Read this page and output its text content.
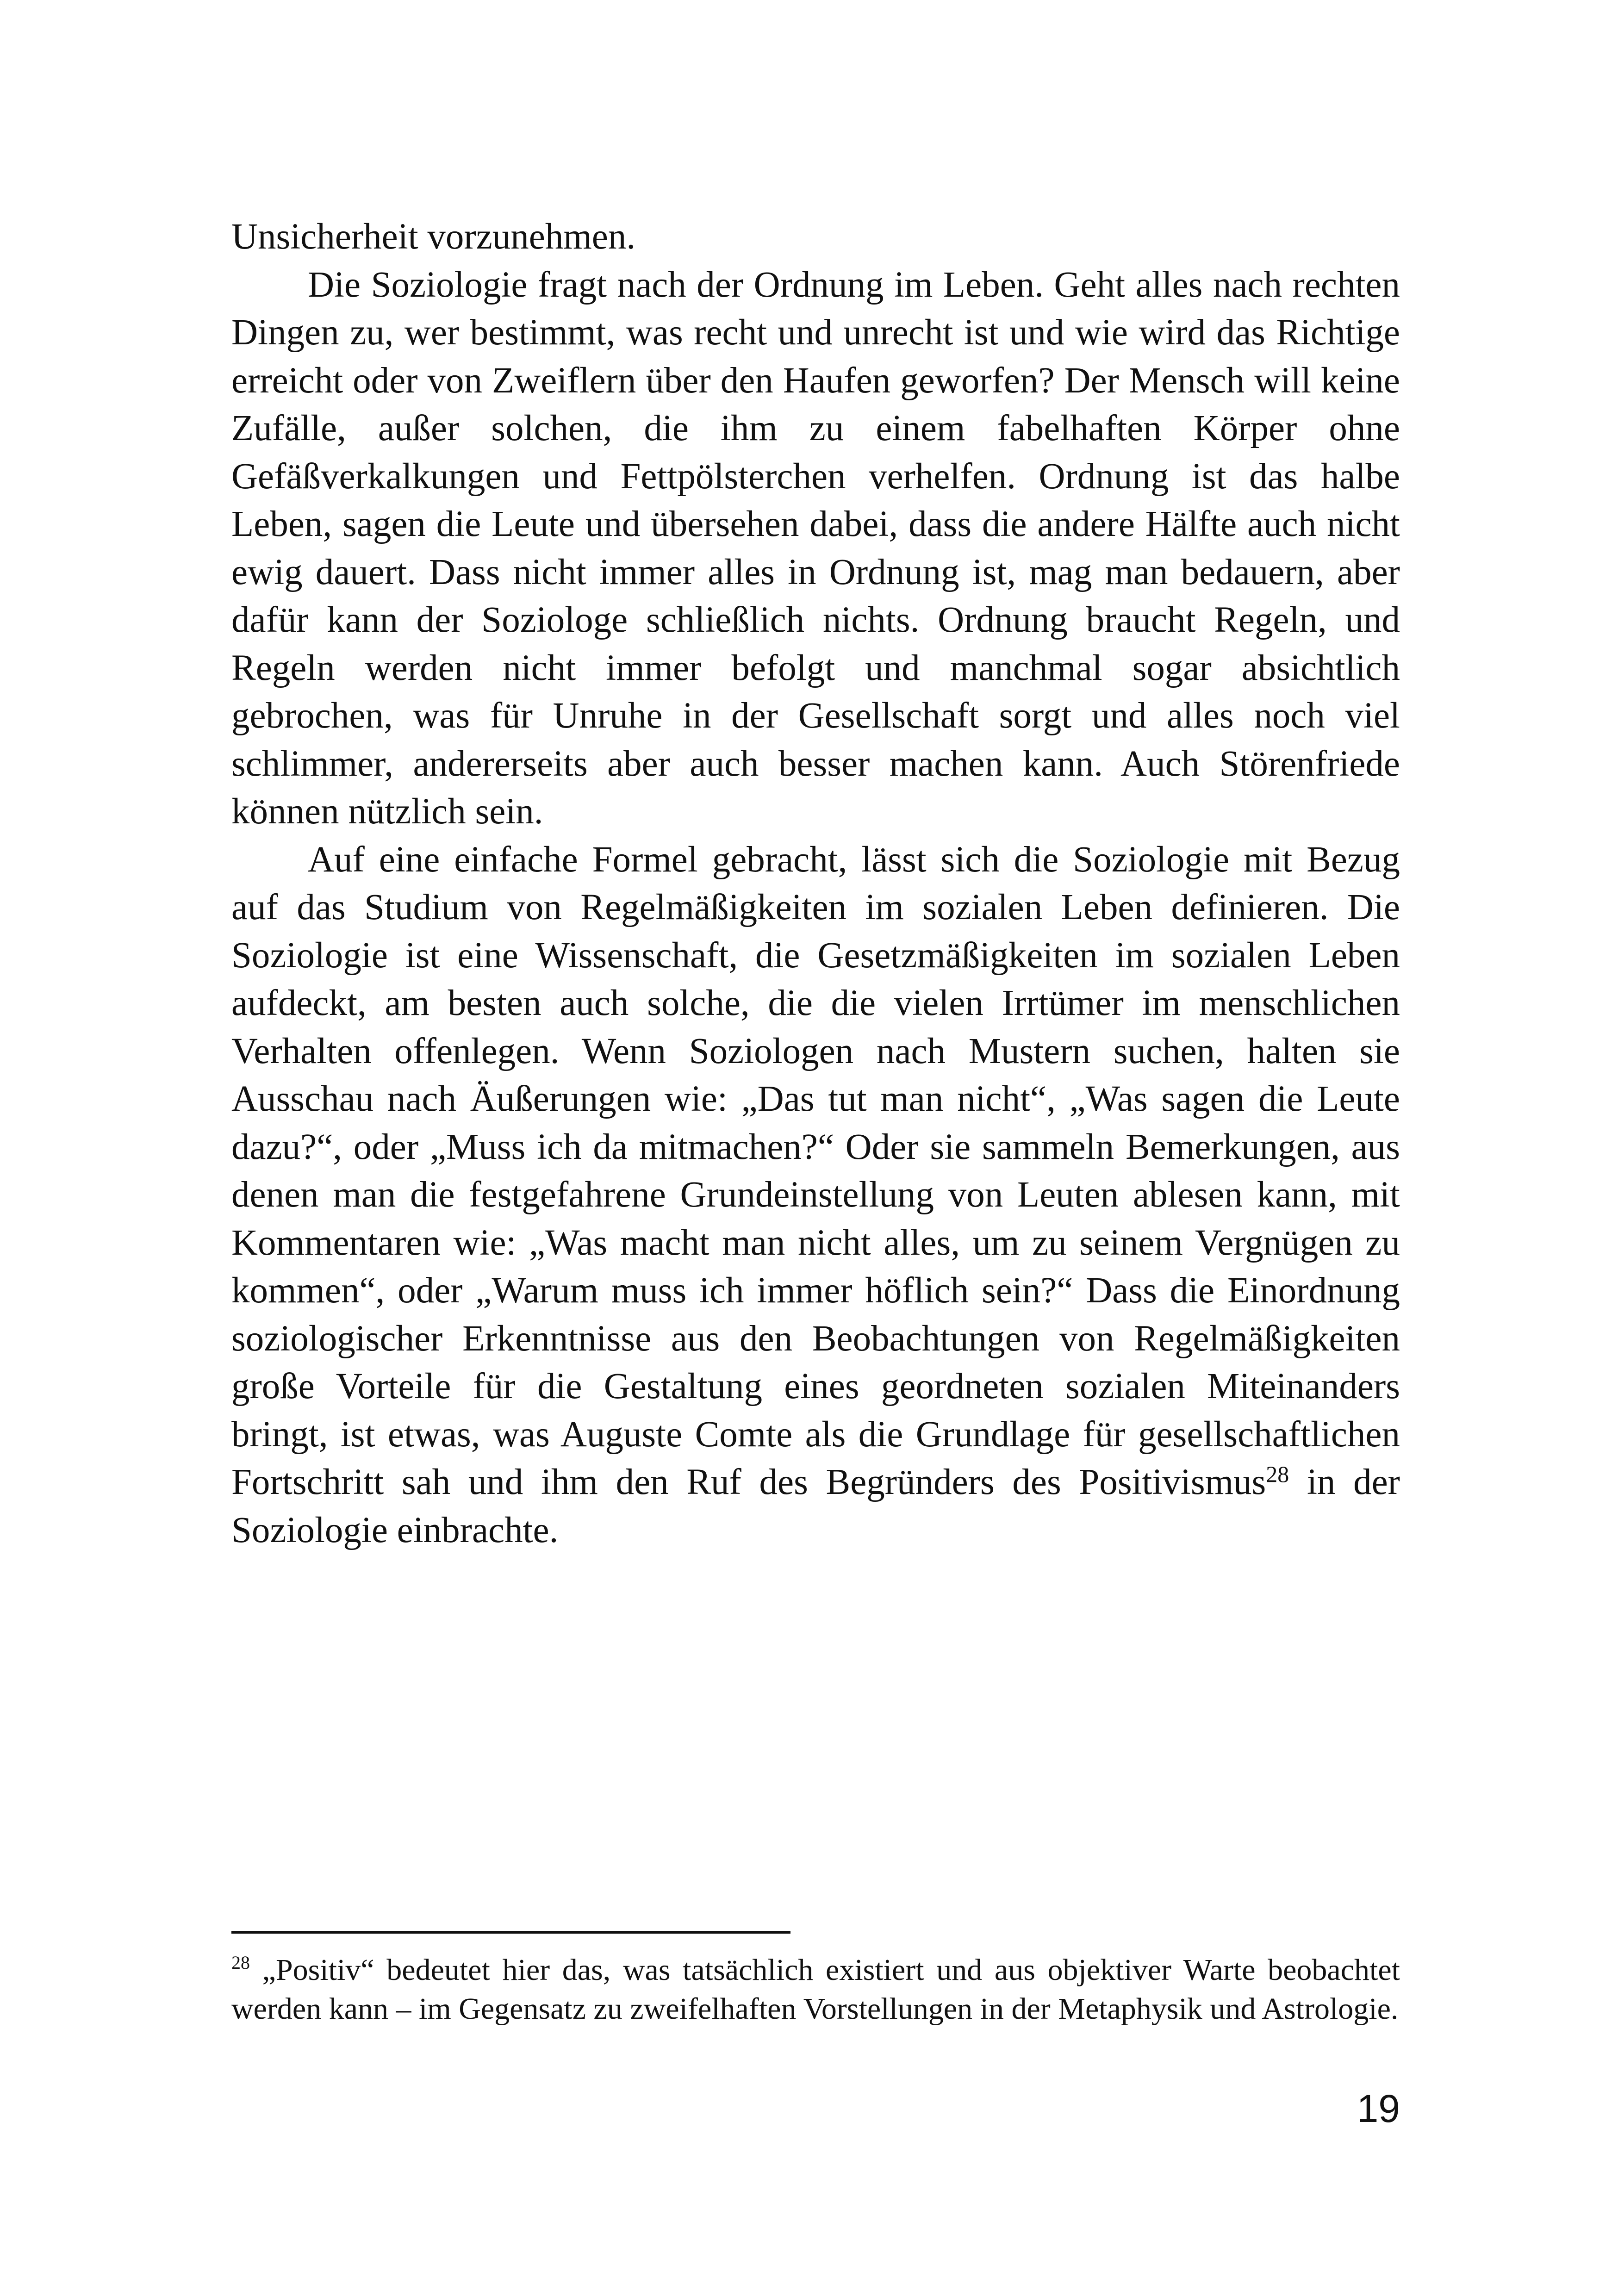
Unsicherheit vorzunehmen.

Die Soziologie fragt nach der Ordnung im Leben. Geht alles nach rechten Dingen zu, wer bestimmt, was recht und unrecht ist und wie wird das Richtige erreicht oder von Zweiflern über den Haufen geworfen? Der Mensch will keine Zufälle, außer solchen, die ihm zu einem fabelhaften Körper ohne Gefäßverkalkungen und Fettpölsterchen verhelfen. Ordnung ist das halbe Leben, sagen die Leute und übersehen dabei, dass die andere Hälfte auch nicht ewig dauert. Dass nicht immer alles in Ordnung ist, mag man bedauern, aber dafür kann der Soziologe schließlich nichts. Ordnung braucht Regeln, und Regeln werden nicht immer befolgt und manchmal sogar absichtlich gebrochen, was für Unruhe in der Gesellschaft sorgt und alles noch viel schlimmer, andererseits aber auch besser machen kann. Auch Störenfriede können nützlich sein.

Auf eine einfache Formel gebracht, lässt sich die Soziologie mit Bezug auf das Studium von Regelmäßigkeiten im sozialen Leben definieren. Die Soziologie ist eine Wissenschaft, die Gesetzmäßigkeiten im sozialen Leben aufdeckt, am besten auch solche, die die vielen Irrtümer im menschlichen Verhalten offenlegen. Wenn Soziologen nach Mustern suchen, halten sie Ausschau nach Äußerungen wie: „Das tut man nicht“, „Was sagen die Leute dazu?“, oder „Muss ich da mitmachen?“ Oder sie sammeln Bemerkungen, aus denen man die festgefahrene Grundeinstellung von Leuten ablesen kann, mit Kommentaren wie: „Was macht man nicht alles, um zu seinem Vergnügen zu kommen“, oder „Warum muss ich immer höflich sein?“ Dass die Einordnung soziologischer Erkenntnisse aus den Beobachtungen von Regelmäßigkeiten große Vorteile für die Gestaltung eines geordneten sozialen Miteinanders bringt, ist etwas, was Auguste Comte als die Grundlage für gesellschaftlichen Fortschritt sah und ihm den Ruf des Begründers des Positivismus$^{28}$ in der Soziologie einbrachte.

$^{28}$ „Positiv“ bedeutet hier das, was tatsächlich existiert und aus objektiver Warte beobachtet werden kann – im Gegensatz zu zweifelhaften Vorstellungen in der Metaphysik und Astrologie.
19
